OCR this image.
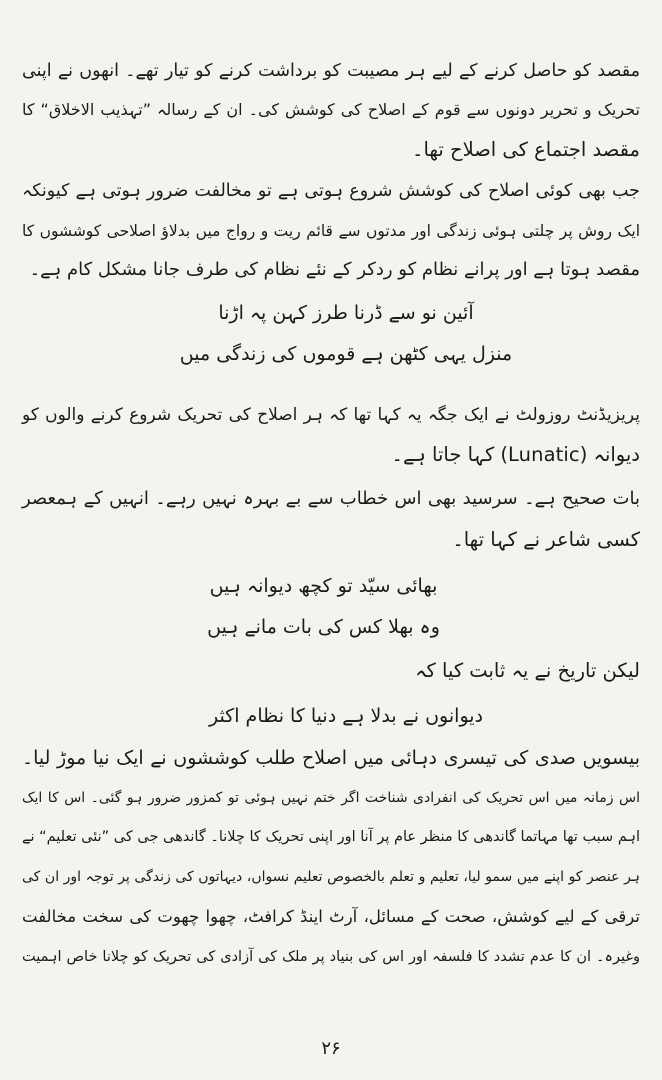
مقصد کو حاصل کرنے کے لیے ہر مصیبت کو برداشت کرنے کو تیار تھے۔ انھوں نے اپنی
تحریک و تحریر دونوں سے قوم کے اصلاح کی کوشش کی۔ ان کے رسالہ ”تہذیب الاخلاق“ کا
مقصد اجتماع کی اصلاح تھا۔
جب بھی کوئی اصلاح کی کوشش شروع ہوتی ہے تو مخالفت ضرور ہوتی ہے کیونکہ
ایک روش پر چلتی ہوئی زندگی اور مدتوں سے قائم ریت و رواج میں بدلاؤ اصلاحی کوششوں کا
مقصد ہوتا ہے اور پرانے نظام کو ردکر کے نئے نظام کی طرف جانا مشکل کام ہے۔
آئین نو سے ڈرنا طرز کہن پہ اڑنا
منزل یہی کٹھن ہے قوموں کی زندگی میں
پریزیڈنٹ روزولٹ نے ایک جگہ یہ کہا تھا کہ ہر اصلاح کی تحریک شروع کرنے والوں کو
دیوانہ (Lunatic) کہا جاتا ہے۔
بات صحیح ہے۔ سرسید بھی اس خطاب سے بے بہرہ نہیں رہے۔ انہیں کے ہمعصر
کسی شاعر نے کہا تھا۔
بھائی سیّد تو کچھ دیوانہ ہیں
وہ بھلا کس کی بات مانے ہیں
لیکن تاریخ نے یہ ثابت کیا کہ
دیوانوں نے بدلا ہے دنیا کا نظام اکثر
بیسویں صدی کی تیسری دہائی میں اصلاح طلب کوششوں نے ایک نیا موڑ لیا۔
اس زمانہ میں اس تحریک کی انفرادی شناخت اگر ختم نہیں ہوئی تو کمزور ضرور ہو گئی۔ اس کا ایک
اہم سبب تھا مہاتما گاندھی کا منظر عام پر آنا اور اپنی تحریک کا چلانا۔ گاندھی جی کی ”نئی تعلیم“ نے
ہر عنصر کو اپنے میں سمو لیا، تعلیم و تعلم بالخصوص تعلیم نسواں، دیہاتوں کی زندگی پر توجہ اور ان کی
ترقی کے لیے کوشش، صحت کے مسائل، آرٹ اینڈ کرافٹ، چھوا چھوت کی سخت مخالفت
وغیرہ۔ ان کا عدم تشدد کا فلسفہ اور اس کی بنیاد پر ملک کی آزادی کی تحریک کو چلانا خاص اہمیت
۲۶
